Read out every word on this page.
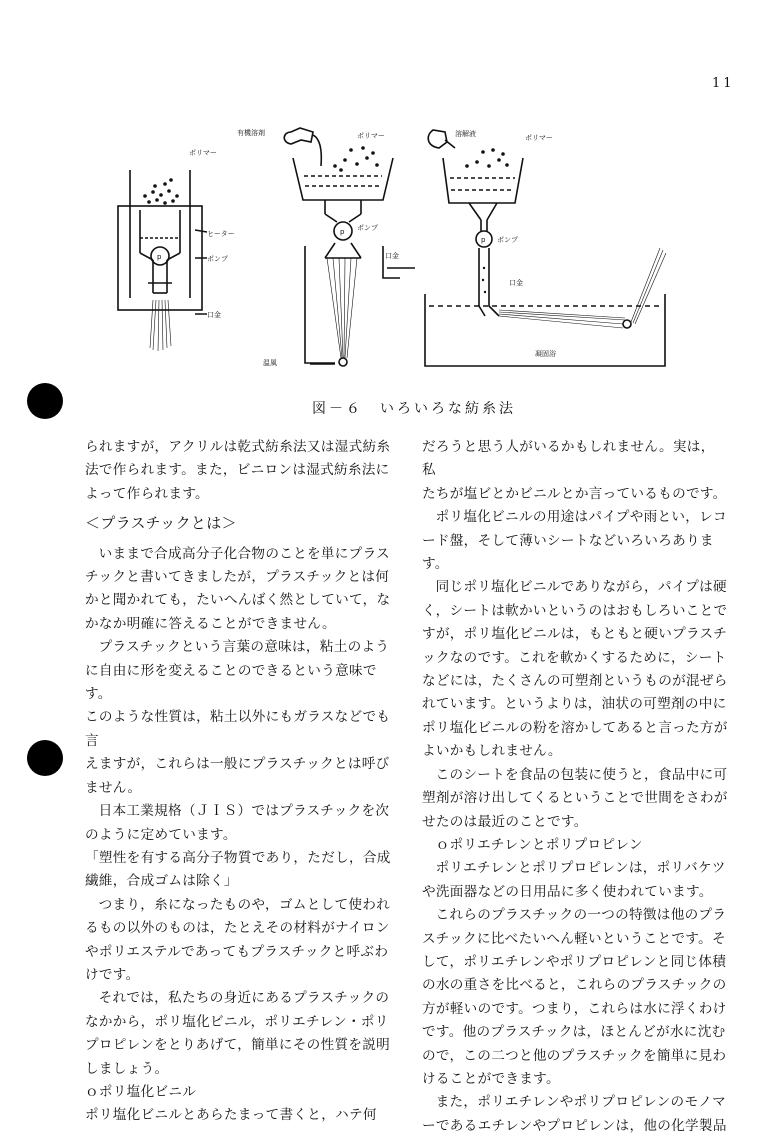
11
ポリマー
ヒーター
ポンプ
口金
p
有機溶剤	ポリマー
ポンプ
口金
温風
p
溶解液	ポリマー
ポンプ
口金
凝固浴
p
図－６　いろいろな紡糸法

られますが，アクリルは乾式紡糸法又は湿式紡糸

法で作られます。また，ビニロンは湿式紡糸法に

よって作られます。

＜プラスチックとは＞

いままで合成高分子化合物のことを単にプラス

チックと書いてきましたが，プラスチックとは何

かと聞かれても，たいへんばく然としていて，な

かなか明確に答えることができません。

プラスチックという言葉の意味は，粘土のよう

に自由に形を変えることのできるという意味です。

このような性質は，粘土以外にもガラスなどでも言

えますが，これらは一般にプラスチックとは呼び

ません。

日本工業規格（ＪＩＳ）ではプラスチックを次

のように定めています。

「塑性を有する高分子物質であり，ただし，合成

繊維，合成ゴムは除く」

つまり，糸になったものや，ゴムとして使われ

るもの以外のものは，たとえその材料がナイロン

やポリエステルであってもプラスチックと呼ぶわ

けです。

それでは，私たちの身近にあるプラスチックの

なかから，ポリ塩化ビニル，ポリエチレン・ポリ

プロピレンをとりあげて，簡単にその性質を説明

しましょう。

ｏポリ塩化ビニル

ポリ塩化ビニルとあらたまって書くと，ハテ何

だろうと思う人がいるかもしれません。実は，私

たちが塩ビとかビニルとか言っているものです。

ポリ塩化ビニルの用途はパイプや雨とい，レコ

ード盤，そして薄いシートなどいろいろあります。

同じポリ塩化ビニルでありながら，パイプは硬

く，シートは軟かいというのはおもしろいことで

すが，ポリ塩化ビニルは，もともと硬いプラスチ

ックなのです。これを軟かくするために，シート

などには，たくさんの可塑剤というものが混ぜら

れています。というよりは，油状の可塑剤の中に

ポリ塩化ビニルの粉を溶かしてあると言った方が

よいかもしれません。

このシートを食品の包装に使うと，食品中に可

塑剤が溶け出してくるということで世間をさわが

せたのは最近のことです。

ｏポリエチレンとポリプロピレン

ポリエチレンとポリプロピレンは，ポリバケツ

や洗面器などの日用品に多く使われています。

これらのプラスチックの一つの特徴は他のプラ

スチックに比べたいへん軽いということです。そ

して，ポリエチレンやポリプロピレンと同じ体積

の水の重さを比べると，これらのプラスチックの

方が軽いのです。つまり，これらは水に浮くわけ

です。他のプラスチックは，ほとんどが水に沈む

ので，この二つと他のプラスチックを簡単に見わ

けることができます。

また，ポリエチレンやポリプロピレンのモノマ

ーであるエチレンやプロピレンは，他の化学製品
